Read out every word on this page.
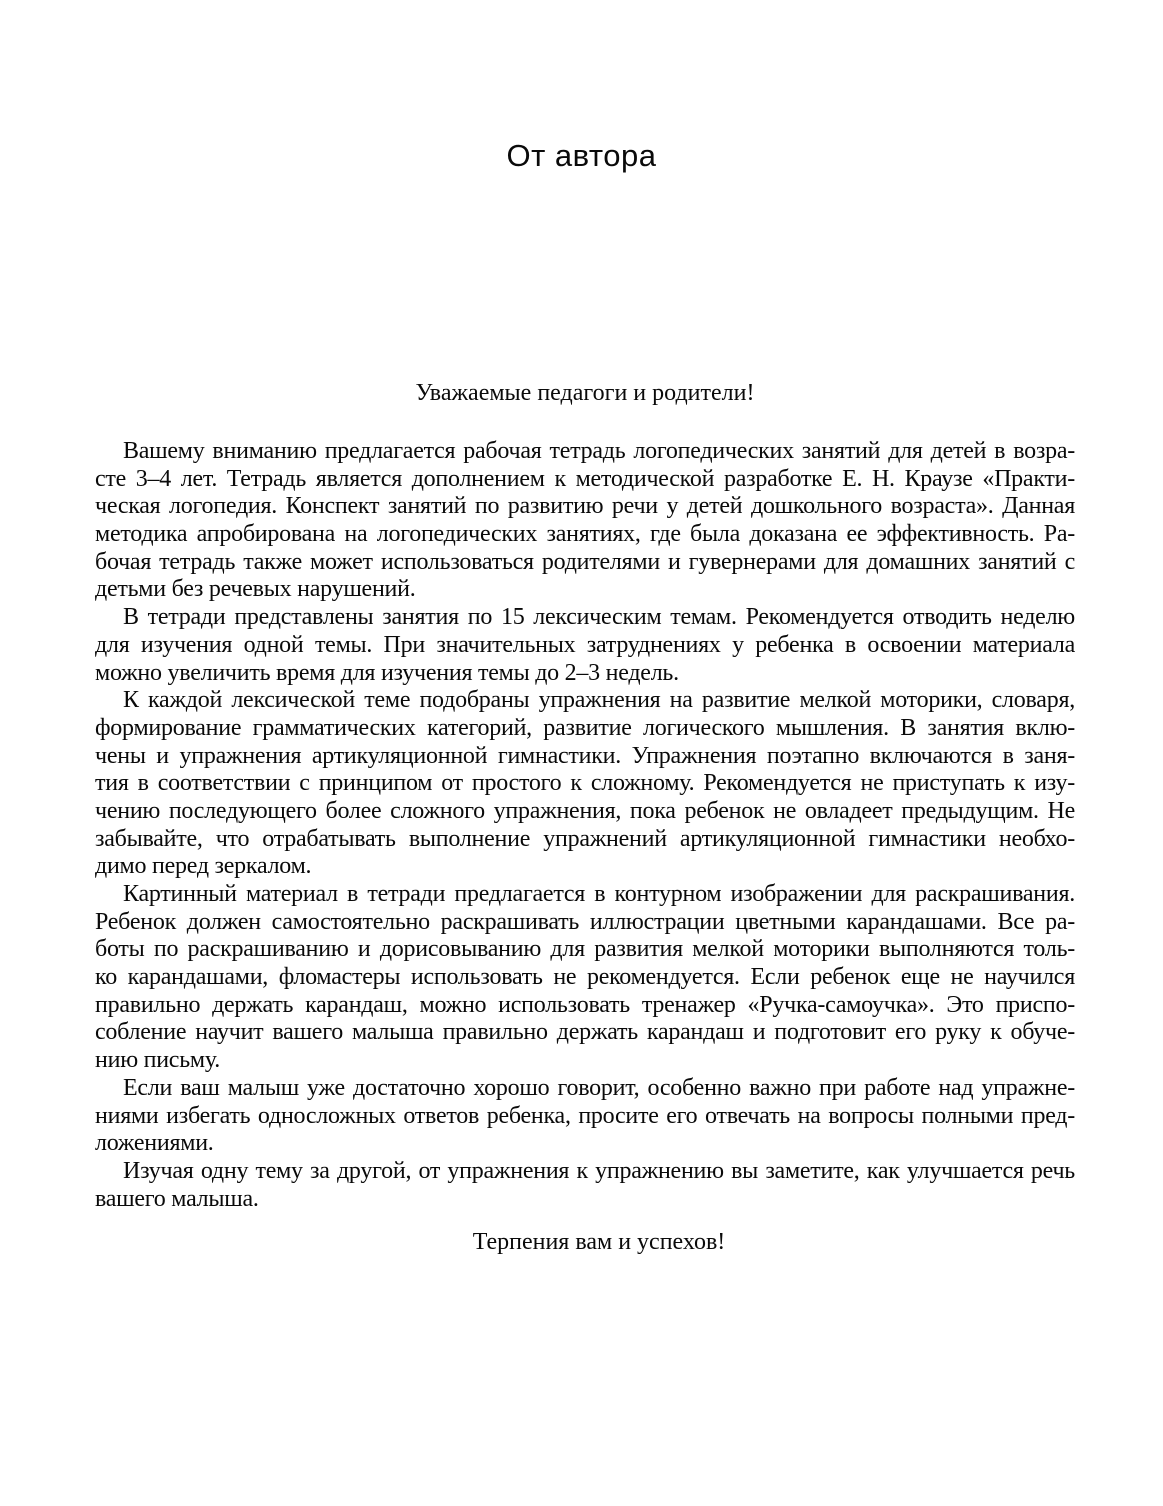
От автора
Уважаемые педагоги и родители!
Вашему вниманию предлагается рабочая тетрадь логопедических занятий для детей в возра-
сте 3–4 лет. Тетрадь является дополнением к методической разработке Е. Н. Краузе «Практи-
ческая логопедия. Конспект занятий по развитию речи у детей дошкольного возраста». Данная
методика апробирована на логопедических занятиях, где была доказана ее эффективность. Ра-
бочая тетрадь также может использоваться родителями и гувернерами для домашних занятий с
детьми без речевых нарушений.
В тетради представлены занятия по 15 лексическим темам. Рекомендуется отводить неделю
для изучения одной темы. При значительных затруднениях у ребенка в освоении материала
можно увеличить время для изучения темы до 2–3 недель.
К каждой лексической теме подобраны упражнения на развитие мелкой моторики, словаря,
формирование грамматических категорий, развитие логического мышления. В занятия вклю-
чены и упражнения артикуляционной гимнастики. Упражнения поэтапно включаются в заня-
тия в соответствии с принципом от простого к сложному. Рекомендуется не приступать к изу-
чению последующего более сложного упражнения, пока ребенок не овладеет предыдущим. Не
забывайте, что отрабатывать выполнение упражнений артикуляционной гимнастики необхо-
димо перед зеркалом.
Картинный материал в тетради предлагается в контурном изображении для раскрашивания.
Ребенок должен самостоятельно раскрашивать иллюстрации цветными карандашами. Все ра-
боты по раскрашиванию и дорисовыванию для развития мелкой моторики выполняются толь-
ко карандашами, фломастеры использовать не рекомендуется. Если ребенок еще не научился
правильно держать карандаш, можно использовать тренажер «Ручка-самоучка». Это приспо-
собление научит вашего малыша правильно держать карандаш и подготовит его руку к обуче-
нию письму.
Если ваш малыш уже достаточно хорошо говорит, особенно важно при работе над упражне-
ниями избегать односложных ответов ребенка, просите его отвечать на вопросы полными пред-
ложениями.
Изучая одну тему за другой, от упражнения к упражнению вы заметите, как улучшается речь
вашего малыша.
Терпения вам и успехов!
